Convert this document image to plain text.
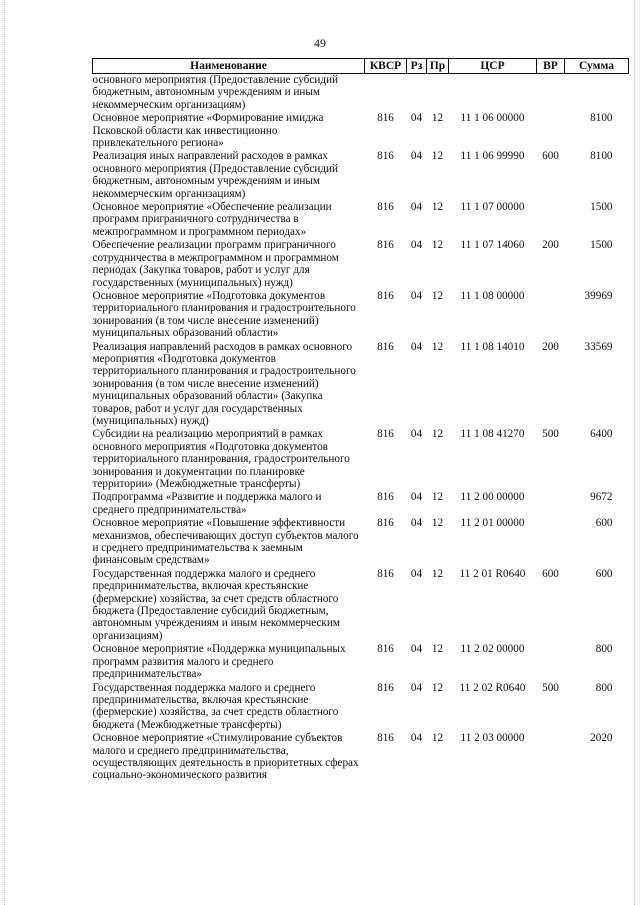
49
Наименование	КВСР	Рз	Пр	ЦСР	ВР	Сумма
основного мероприятия (Предоставление субсидий бюджетным, автономным учреждениям и иным некоммерческим организациям)						
Основное мероприятие «Формирование имиджа Псковской области как инвестиционно привлекательного региона»	816	04	12	11 1 06 00000		8100
Реализация иных направлений расходов в рамках основного мероприятия (Предоставление субсидий бюджетным, автономным учреждениям и иным некоммерческим организациям)	816	04	12	11 1 06 99990	600	8100
Основное мероприятие «Обеспечение реализации программ приграничного сотрудничества в межпрограммном и программном периодах»	816	04	12	11 1 07 00000		1500
Обеспечение реализации программ приграничного сотрудничества в межпрограммном и программном периодах (Закупка товаров, работ и услуг для государственных (муниципальных) нужд)	816	04	12	11 1 07 14060	200	1500
Основное мероприятие «Подготовка документов территориального планирования и градостроительного зонирования (в том числе внесение изменений) муниципальных образований области»	816	04	12	11 1 08 00000		39969
Реализация направлений расходов в рамках основного мероприятия «Подготовка документов территориального планирования и градостроительного зонирования (в том числе внесение изменений) муниципальных образований области» (Закупка товаров, работ и услуг для государственных (муниципальных) нужд)	816	04	12	11 1 08 14010	200	33569
Субсидии на реализацию мероприятий в рамках основного мероприятия «Подготовка документов территориального планирования, градостроительного зонирования и документации по планировке территории» (Межбюджетные трансферты)	816	04	12	11 1 08 41270	500	6400
Подпрограмма «Развитие и поддержка малого и среднего предпринимательства»	816	04	12	11 2 00 00000		9672
Основное мероприятие «Повышение эффективности механизмов, обеспечивающих доступ субъектов малого и среднего предпринимательства к заемным финансовым средствам»	816	04	12	11 2 01 00000		600
Государственная поддержка малого и среднего предпринимательства, включая крестьянские (фермерские) хозяйства, за счет средств областного бюджета (Предоставление субсидий бюджетным, автономным учреждениям и иным некоммерческим организациям)	816	04	12	11 2 01 R0640	600	600
Основное мероприятие «Поддержка муниципальных программ развития малого и среднего предпринимательства»	816	04	12	11 2 02 00000		800
Государственная поддержка малого и среднего предпринимательства, включая крестьянские (фермерские) хозяйства, за счет средств областного бюджета (Межбюджетные трансферты)	816	04	12	11 2 02 R0640	500	800
Основное мероприятие «Стимулирование субъектов малого и среднего предпринимательства, осуществляющих деятельность в приоритетных сферах социально-экономического развития	816	04	12	11 2 03 00000		2020
